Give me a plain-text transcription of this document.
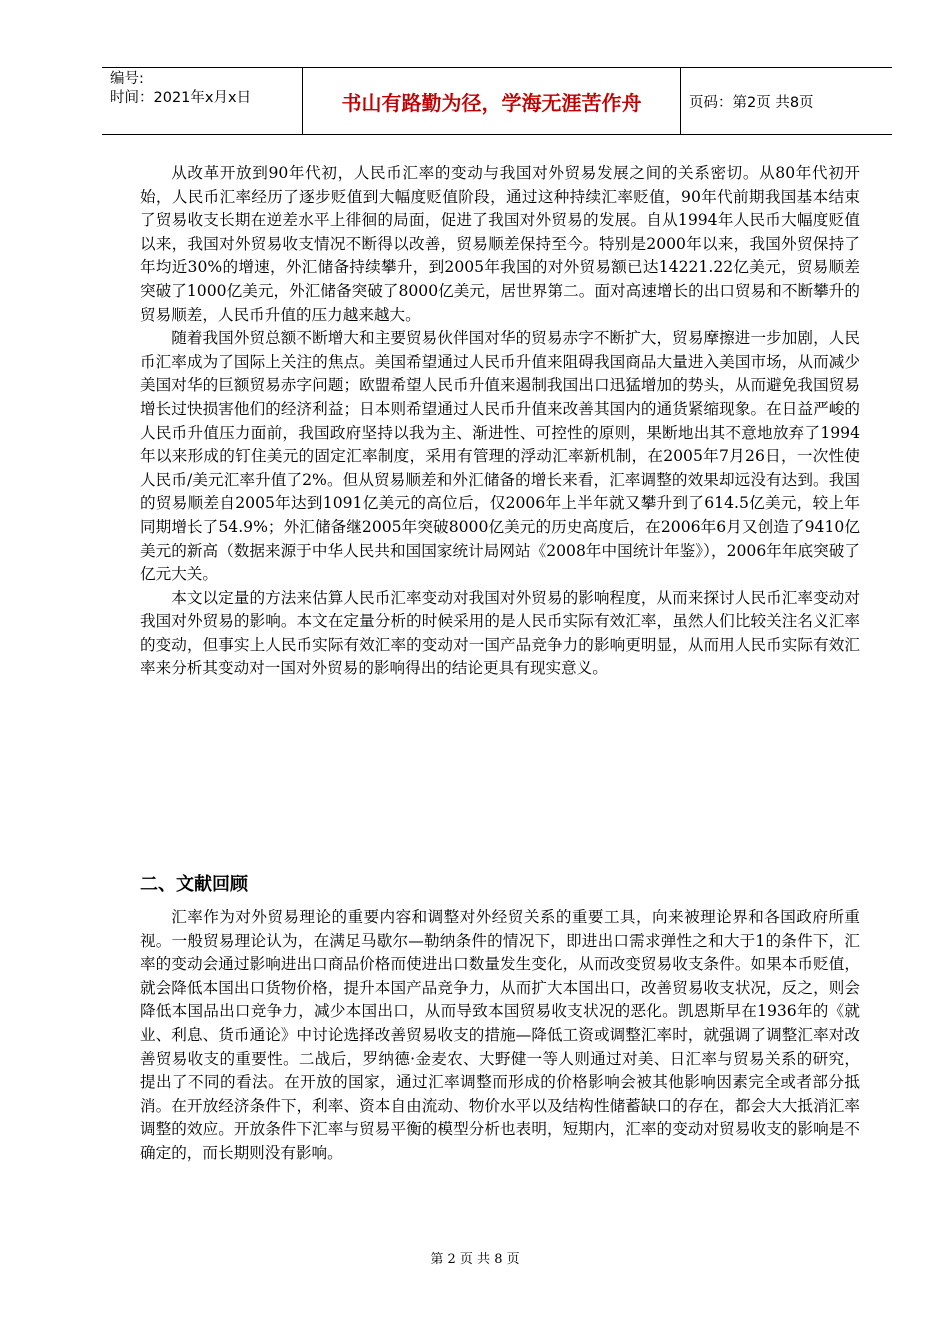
编号:
时间：2021年x月x日	书山有路勤为径，学海无涯苦作舟	页码：第2页 共8页

从改革开放到90年代初，人民币汇率的变动与我国对外贸易发展之间的关系密切。从80年代初开始，人民币汇率经历了逐步贬值到大幅度贬值阶段，通过这种持续汇率贬值，90年代前期我国基本结束了贸易收支长期在逆差水平上徘徊的局面，促进了我国对外贸易的发展。自从1994年人民币大幅度贬值以来，我国对外贸易收支情况不断得以改善，贸易顺差保持至今。特别是2000年以来，我国外贸保持了年均近30%的增速，外汇储备持续攀升，到2005年我国的对外贸易额已达14221.22亿美元，贸易顺差突破了1000亿美元，外汇储备突破了8000亿美元，居世界第二。面对高速增长的出口贸易和不断攀升的贸易顺差，人民币升值的压力越来越大。

随着我国外贸总额不断增大和主要贸易伙伴国对华的贸易赤字不断扩大，贸易摩擦进一步加剧，人民币汇率成为了国际上关注的焦点。美国希望通过人民币升值来阻碍我国商品大量进入美国市场，从而减少美国对华的巨额贸易赤字问题；欧盟希望人民币升值来遏制我国出口迅猛增加的势头，从而避免我国贸易增长过快损害他们的经济利益；日本则希望通过人民币升值来改善其国内的通货紧缩现象。在日益严峻的人民币升值压力面前，我国政府坚持以我为主、渐进性、可控性的原则，果断地出其不意地放弃了1994 年以来形成的钉住美元的固定汇率制度，采用有管理的浮动汇率新机制，在2005年7月26日，一次性使人民币/美元汇率升值了2%。但从贸易顺差和外汇储备的增长来看，汇率调整的效果却远没有达到。我国的贸易顺差自2005年达到1091亿美元的高位后，仅2006年上半年就又攀升到了614.5亿美元，较上年同期增长了54.9%；外汇储备继2005年突破8000亿美元的历史高度后，在2006年6月又创造了9410亿美元的新高（数据来源于中华人民共和国国家统计局网站《2008年中国统计年鉴》），2006年年底突破了亿元大关。

本文以定量的方法来估算人民币汇率变动对我国对外贸易的影响程度，从而来探讨人民币汇率变动对我国对外贸易的影响。本文在定量分析的时候采用的是人民币实际有效汇率，虽然人们比较关注名义汇率的变动，但事实上人民币实际有效汇率的变动对一国产品竞争力的影响更明显，从而用人民币实际有效汇率来分析其变动对一国对外贸易的影响得出的结论更具有现实意义。

二、文献回顾

汇率作为对外贸易理论的重要内容和调整对外经贸关系的重要工具，向来被理论界和各国政府所重视。一般贸易理论认为，在满足马歇尔—勒纳条件的情况下，即进出口需求弹性之和大于1的条件下，汇率的变动会通过影响进出口商品价格而使进出口数量发生变化，从而改变贸易收支条件。如果本币贬值，就会降低本国出口货物价格，提升本国产品竞争力，从而扩大本国出口，改善贸易收支状况，反之，则会降低本国品出口竞争力，减少本国出口，从而导致本国贸易收支状况的恶化。凯恩斯早在1936年的《就业、利息、货币通论》中讨论选择改善贸易收支的措施—降低工资或调整汇率时，就强调了调整汇率对改善贸易收支的重要性。二战后，罗纳德·金麦农、大野健一等人则通过对美、日汇率与贸易关系的研究，提出了不同的看法。在开放的国家，通过汇率调整而形成的价格影响会被其他影响因素完全或者部分抵消。在开放经济条件下，利率、资本自由流动、物价水平以及结构性储蓄缺口的存在，都会大大抵消汇率调整的效应。开放条件下汇率与贸易平衡的模型分析也表明，短期内，汇率的变动对贸易收支的影响是不确定的，而长期则没有影响。

第 2 页 共 8 页
